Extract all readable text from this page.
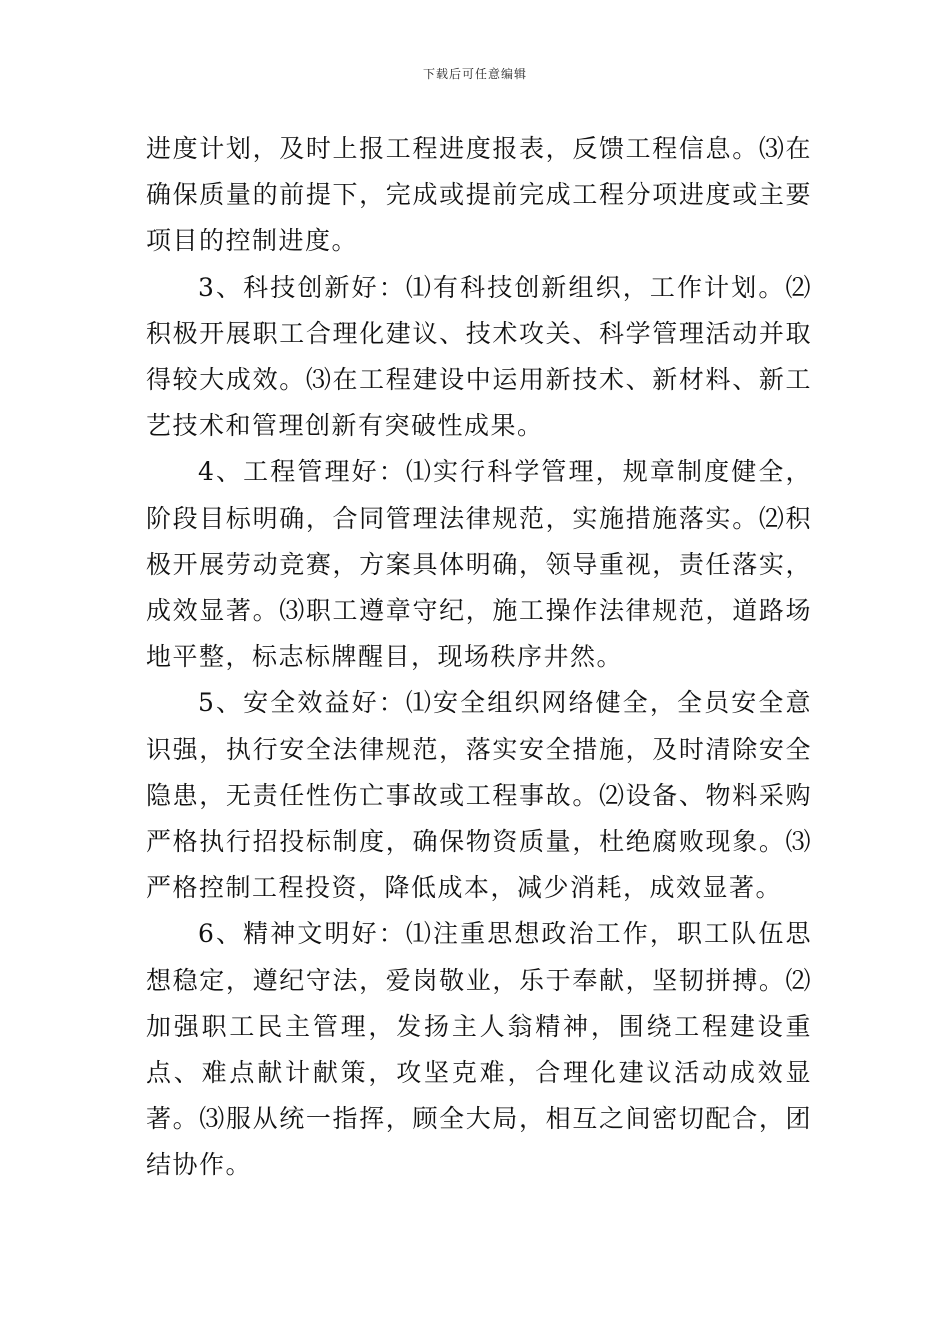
下载后可任意编辑

进度计划，及时上报工程进度报表，反馈工程信息。⑶在确保质量的前提下，完成或提前完成工程分项进度或主要项目的控制进度。

3、科技创新好：⑴有科技创新组织，工作计划。⑵积极开展职工合理化建议、技术攻关、科学管理活动并取得较大成效。⑶在工程建设中运用新技术、新材料、新工艺技术和管理创新有突破性成果。

4、工程管理好：⑴实行科学管理，规章制度健全，阶段目标明确，合同管理法律规范，实施措施落实。⑵积极开展劳动竞赛，方案具体明确，领导重视，责任落实，成效显著。⑶职工遵章守纪，施工操作法律规范，道路场地平整，标志标牌醒目，现场秩序井然。

5、安全效益好：⑴安全组织网络健全，全员安全意识强，执行安全法律规范，落实安全措施，及时清除安全隐患，无责任性伤亡事故或工程事故。⑵设备、物料采购严格执行招投标制度，确保物资质量，杜绝腐败现象。⑶严格控制工程投资，降低成本，减少消耗，成效显著。

6、精神文明好：⑴注重思想政治工作，职工队伍思想稳定，遵纪守法，爱岗敬业，乐于奉献，坚韧拼搏。⑵加强职工民主管理，发扬主人翁精神，围绕工程建设重点、难点献计献策，攻坚克难，合理化建议活动成效显著。⑶服从统一指挥，顾全大局，相互之间密切配合，团结协作。
